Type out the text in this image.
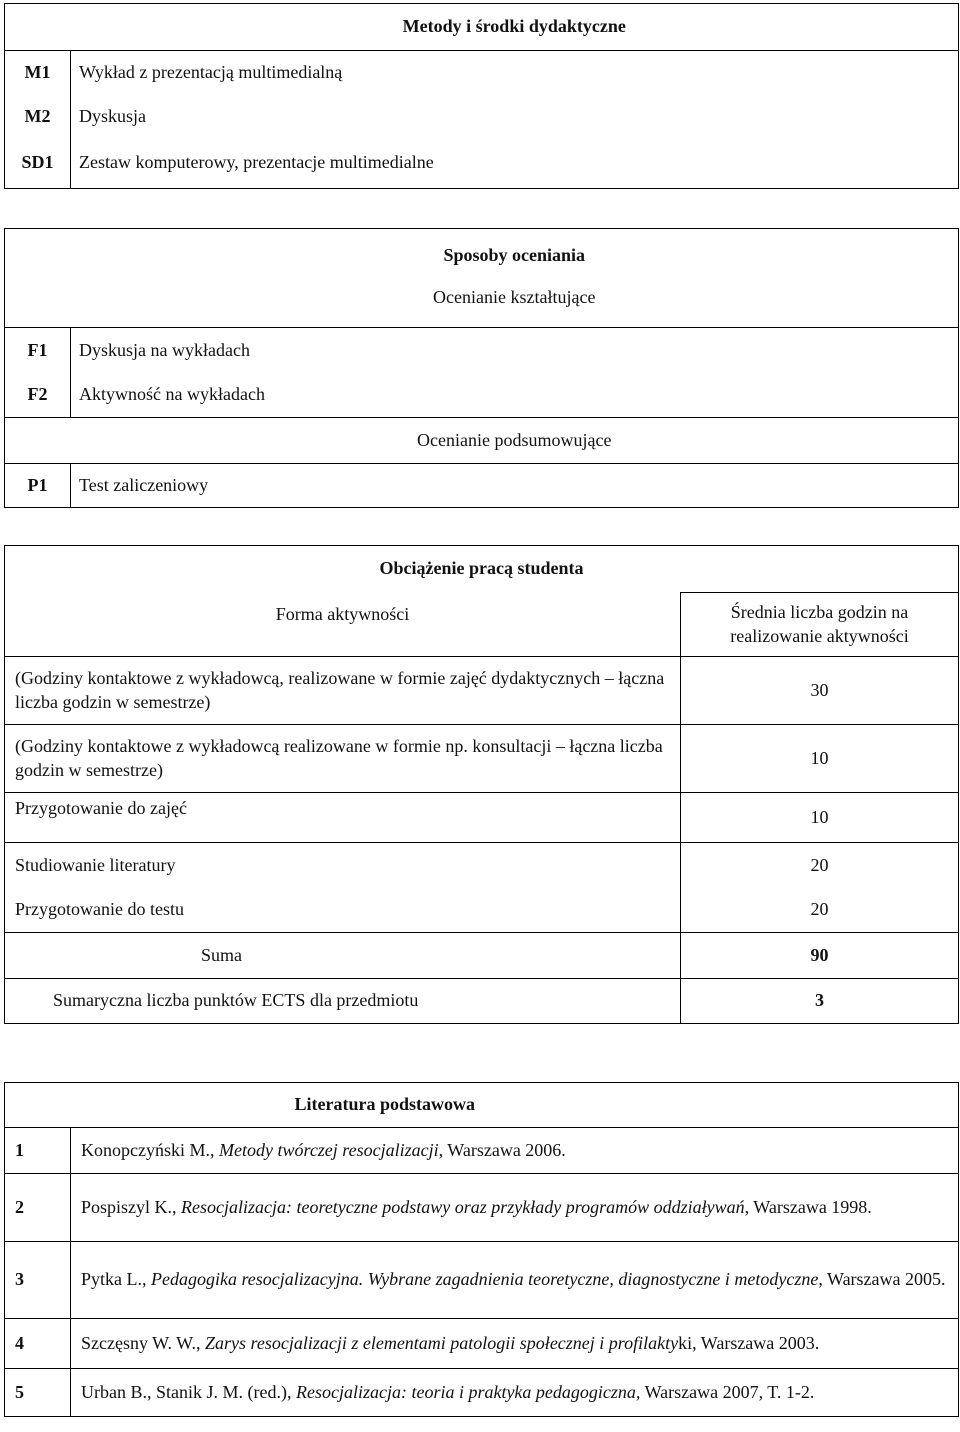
	Metody i środki dydaktyczne
M1	Wykład z prezentacją multimedialną
M2	Dyskusja
SD1	Zestaw komputerowy, prezentacje multimedialne
	Sposoby oceniania
	Ocenianie kształtujące
F1	Dyskusja na wykładach
F2	Aktywność na wykładach
	Ocenianie podsumowujące
P1	Test zaliczeniowy
Obciążenie pracą studenta	
Forma aktywności	Średnia liczba godzin na realizowanie aktywności
(Godziny kontaktowe z wykładowcą, realizowane w formie zajęć dydaktycznych – łączna liczba godzin w semestrze)	30
(Godziny kontaktowe z wykładowcą realizowane w formie np. konsultacji – łączna liczba godzin w semestrze)	10
Przygotowanie do zajęć	10
Studiowanie literatury	20
Przygotowanie do testu	20
Suma	90
Sumaryczna liczba punktów ECTS dla przedmiotu	3
	Literatura podstawowa
1	Konopczyński M., Metody twórczej resocjalizacji, Warszawa 2006.
2	Pospiszyl K., Resocjalizacja: teoretyczne podstawy oraz przykłady programów oddziaływań, Warszawa 1998.
3	Pytka L., Pedagogika resocjalizacyjna. Wybrane zagadnienia teoretyczne, diagnostyczne i metodyczne, Warszawa 2005.
4	Szczęsny W. W., Zarys resocjalizacji z elementami patologii społecznej i profilaktyki, Warszawa 2003.
5	Urban B., Stanik J. M. (red.), Resocjalizacja: teoria i praktyka pedagogiczna, Warszawa 2007, T. 1-2.
